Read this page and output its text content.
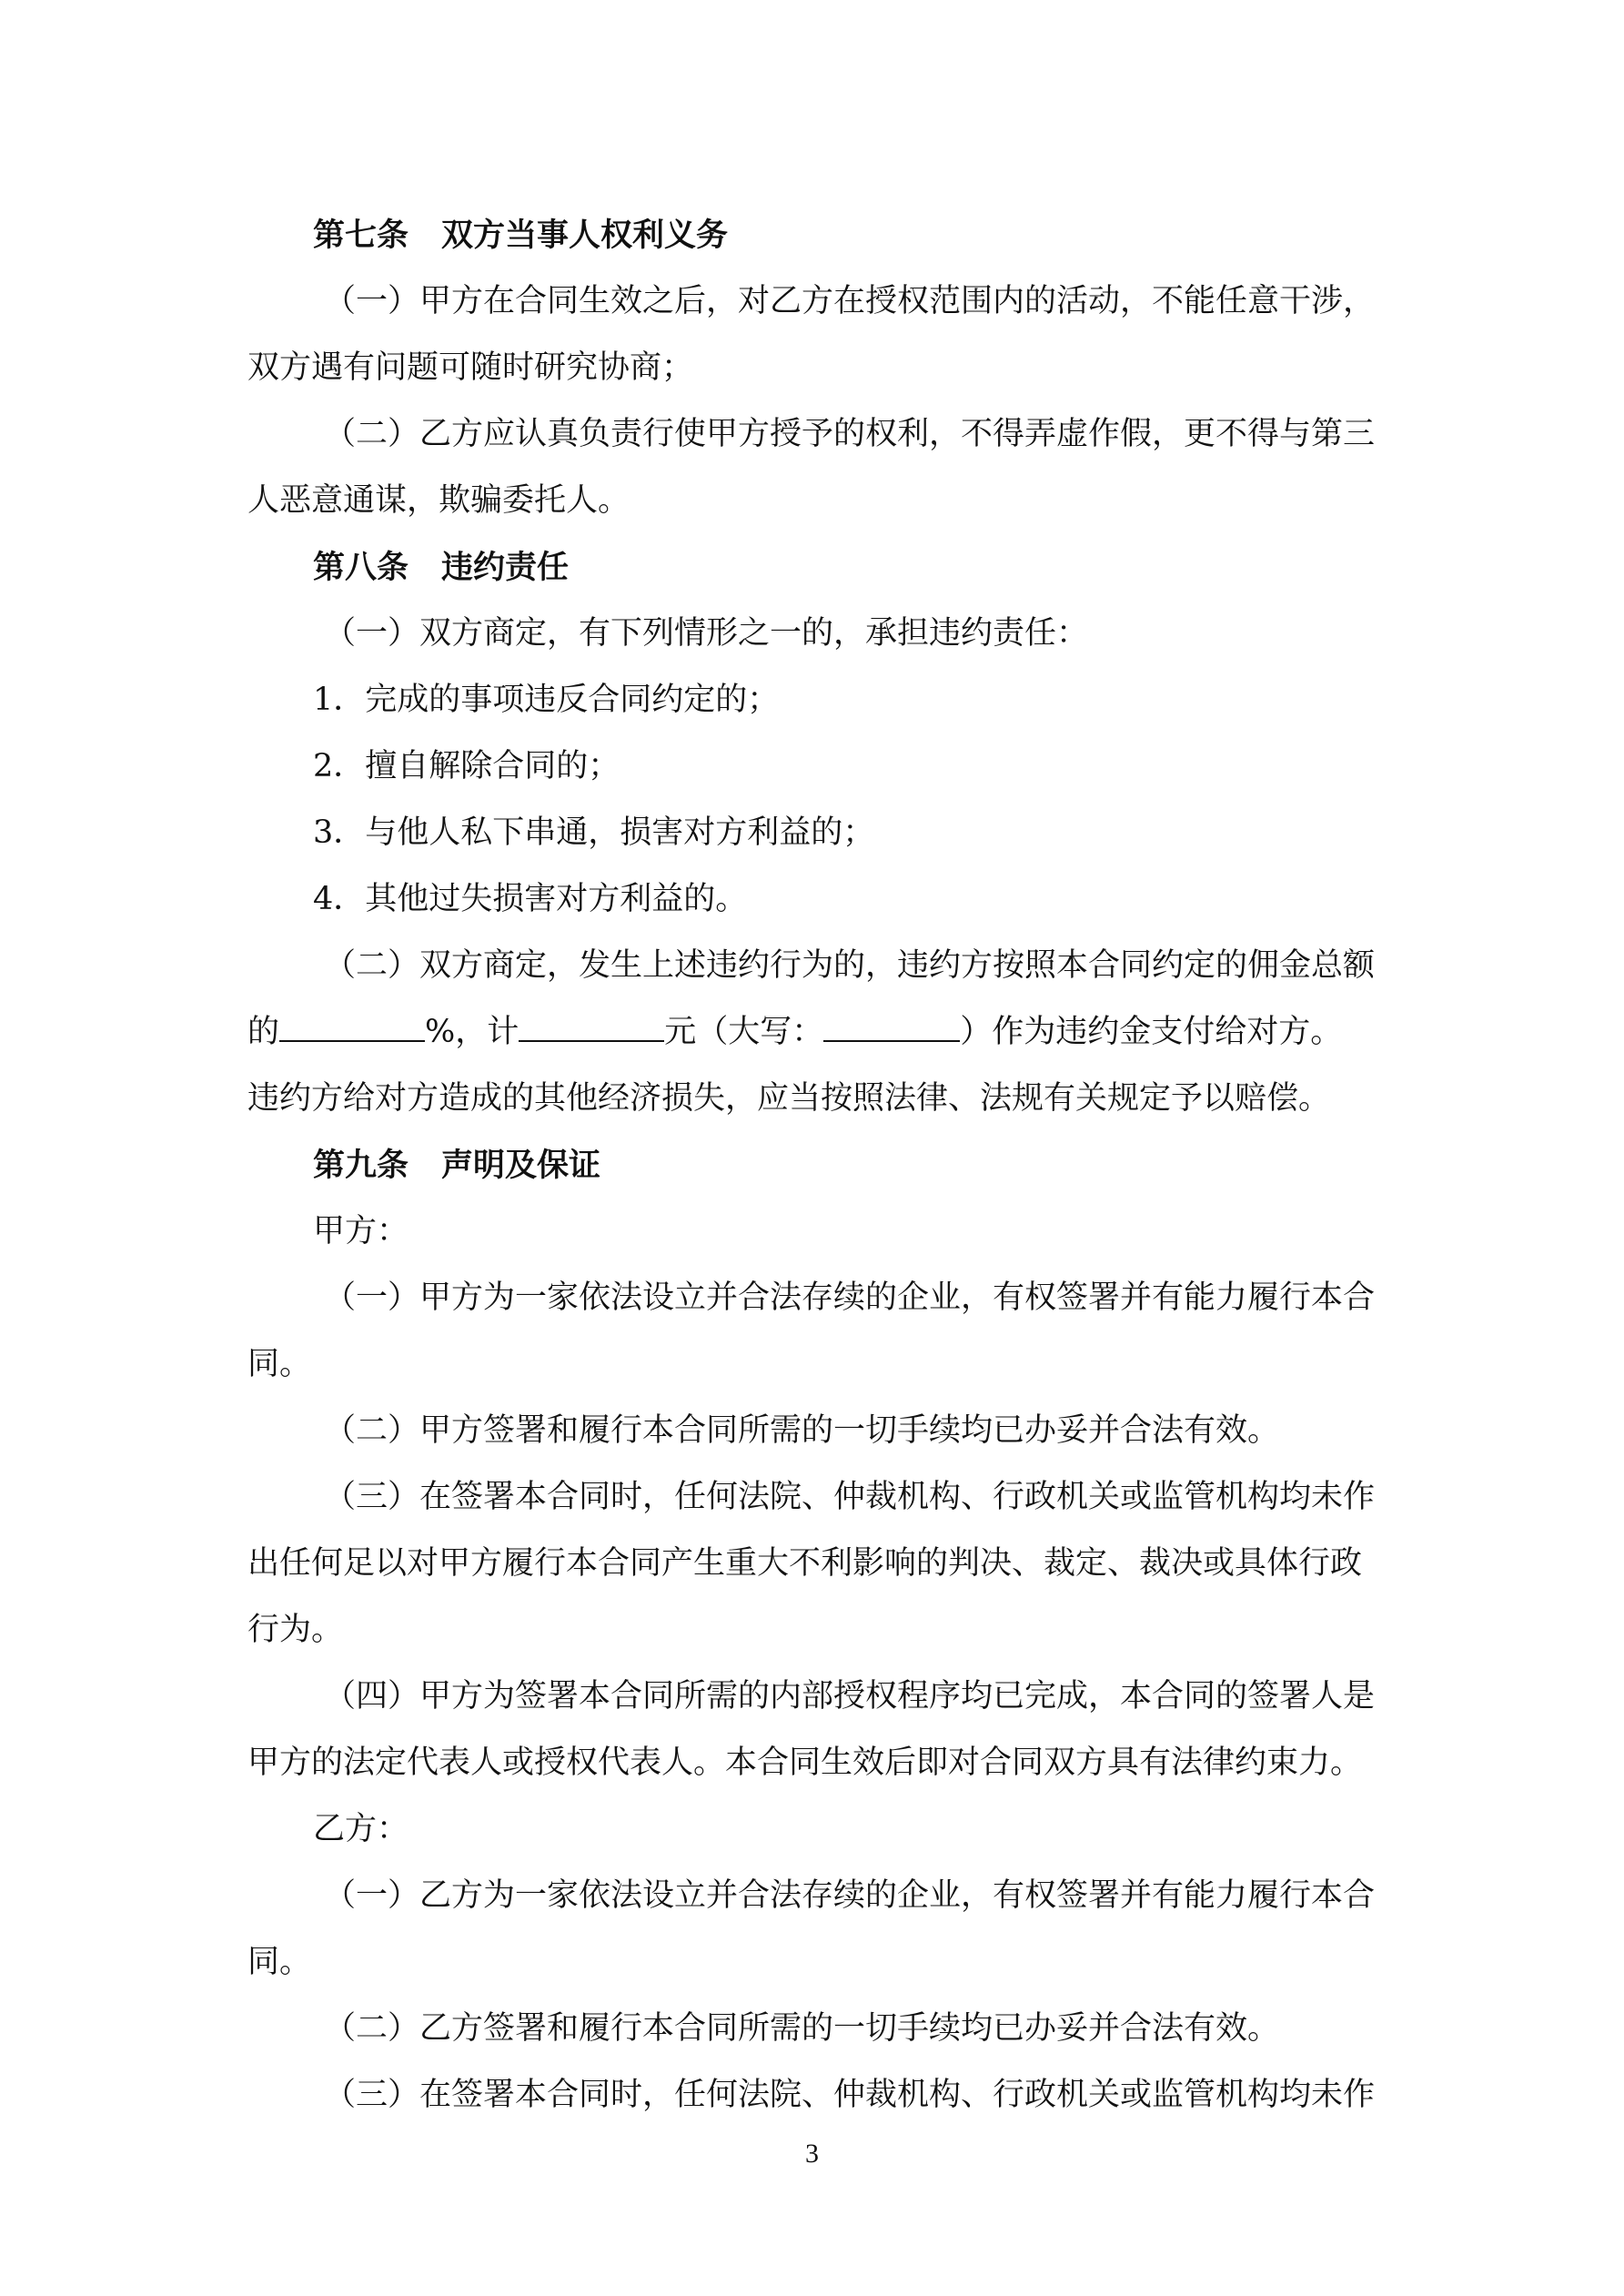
第七条 双方当事人权利义务

（一）甲方在合同生效之后，对乙方在授权范围内的活动，不能任意干涉，

双方遇有问题可随时研究协商；

（二）乙方应认真负责行使甲方授予的权利，不得弄虚作假，更不得与第三

人恶意通谋，欺骗委托人。

第八条 违约责任

（一）双方商定，有下列情形之一的，承担违约责任：

1．完成的事项违反合同约定的；

2．擅自解除合同的；

3．与他人私下串通，损害对方利益的；

4．其他过失损害对方利益的。

（二）双方商定，发生上述违约行为的，违约方按照本合同约定的佣金总额

的	%，计	元（大写：	）作为违约金支付给对方。

违约方给对方造成的其他经济损失，应当按照法律、法规有关规定予以赔偿。

第九条 声明及保证

甲方：

（一）甲方为一家依法设立并合法存续的企业，有权签署并有能力履行本合

同。

（二）甲方签署和履行本合同所需的一切手续均已办妥并合法有效。

（三）在签署本合同时，任何法院、仲裁机构、行政机关或监管机构均未作

出任何足以对甲方履行本合同产生重大不利影响的判决、裁定、裁决或具体行政

行为。

（四）甲方为签署本合同所需的内部授权程序均已完成，本合同的签署人是

甲方的法定代表人或授权代表人。本合同生效后即对合同双方具有法律约束力。

乙方：

（一）乙方为一家依法设立并合法存续的企业，有权签署并有能力履行本合

同。

（二）乙方签署和履行本合同所需的一切手续均已办妥并合法有效。

（三）在签署本合同时，任何法院、仲裁机构、行政机关或监管机构均未作

3
